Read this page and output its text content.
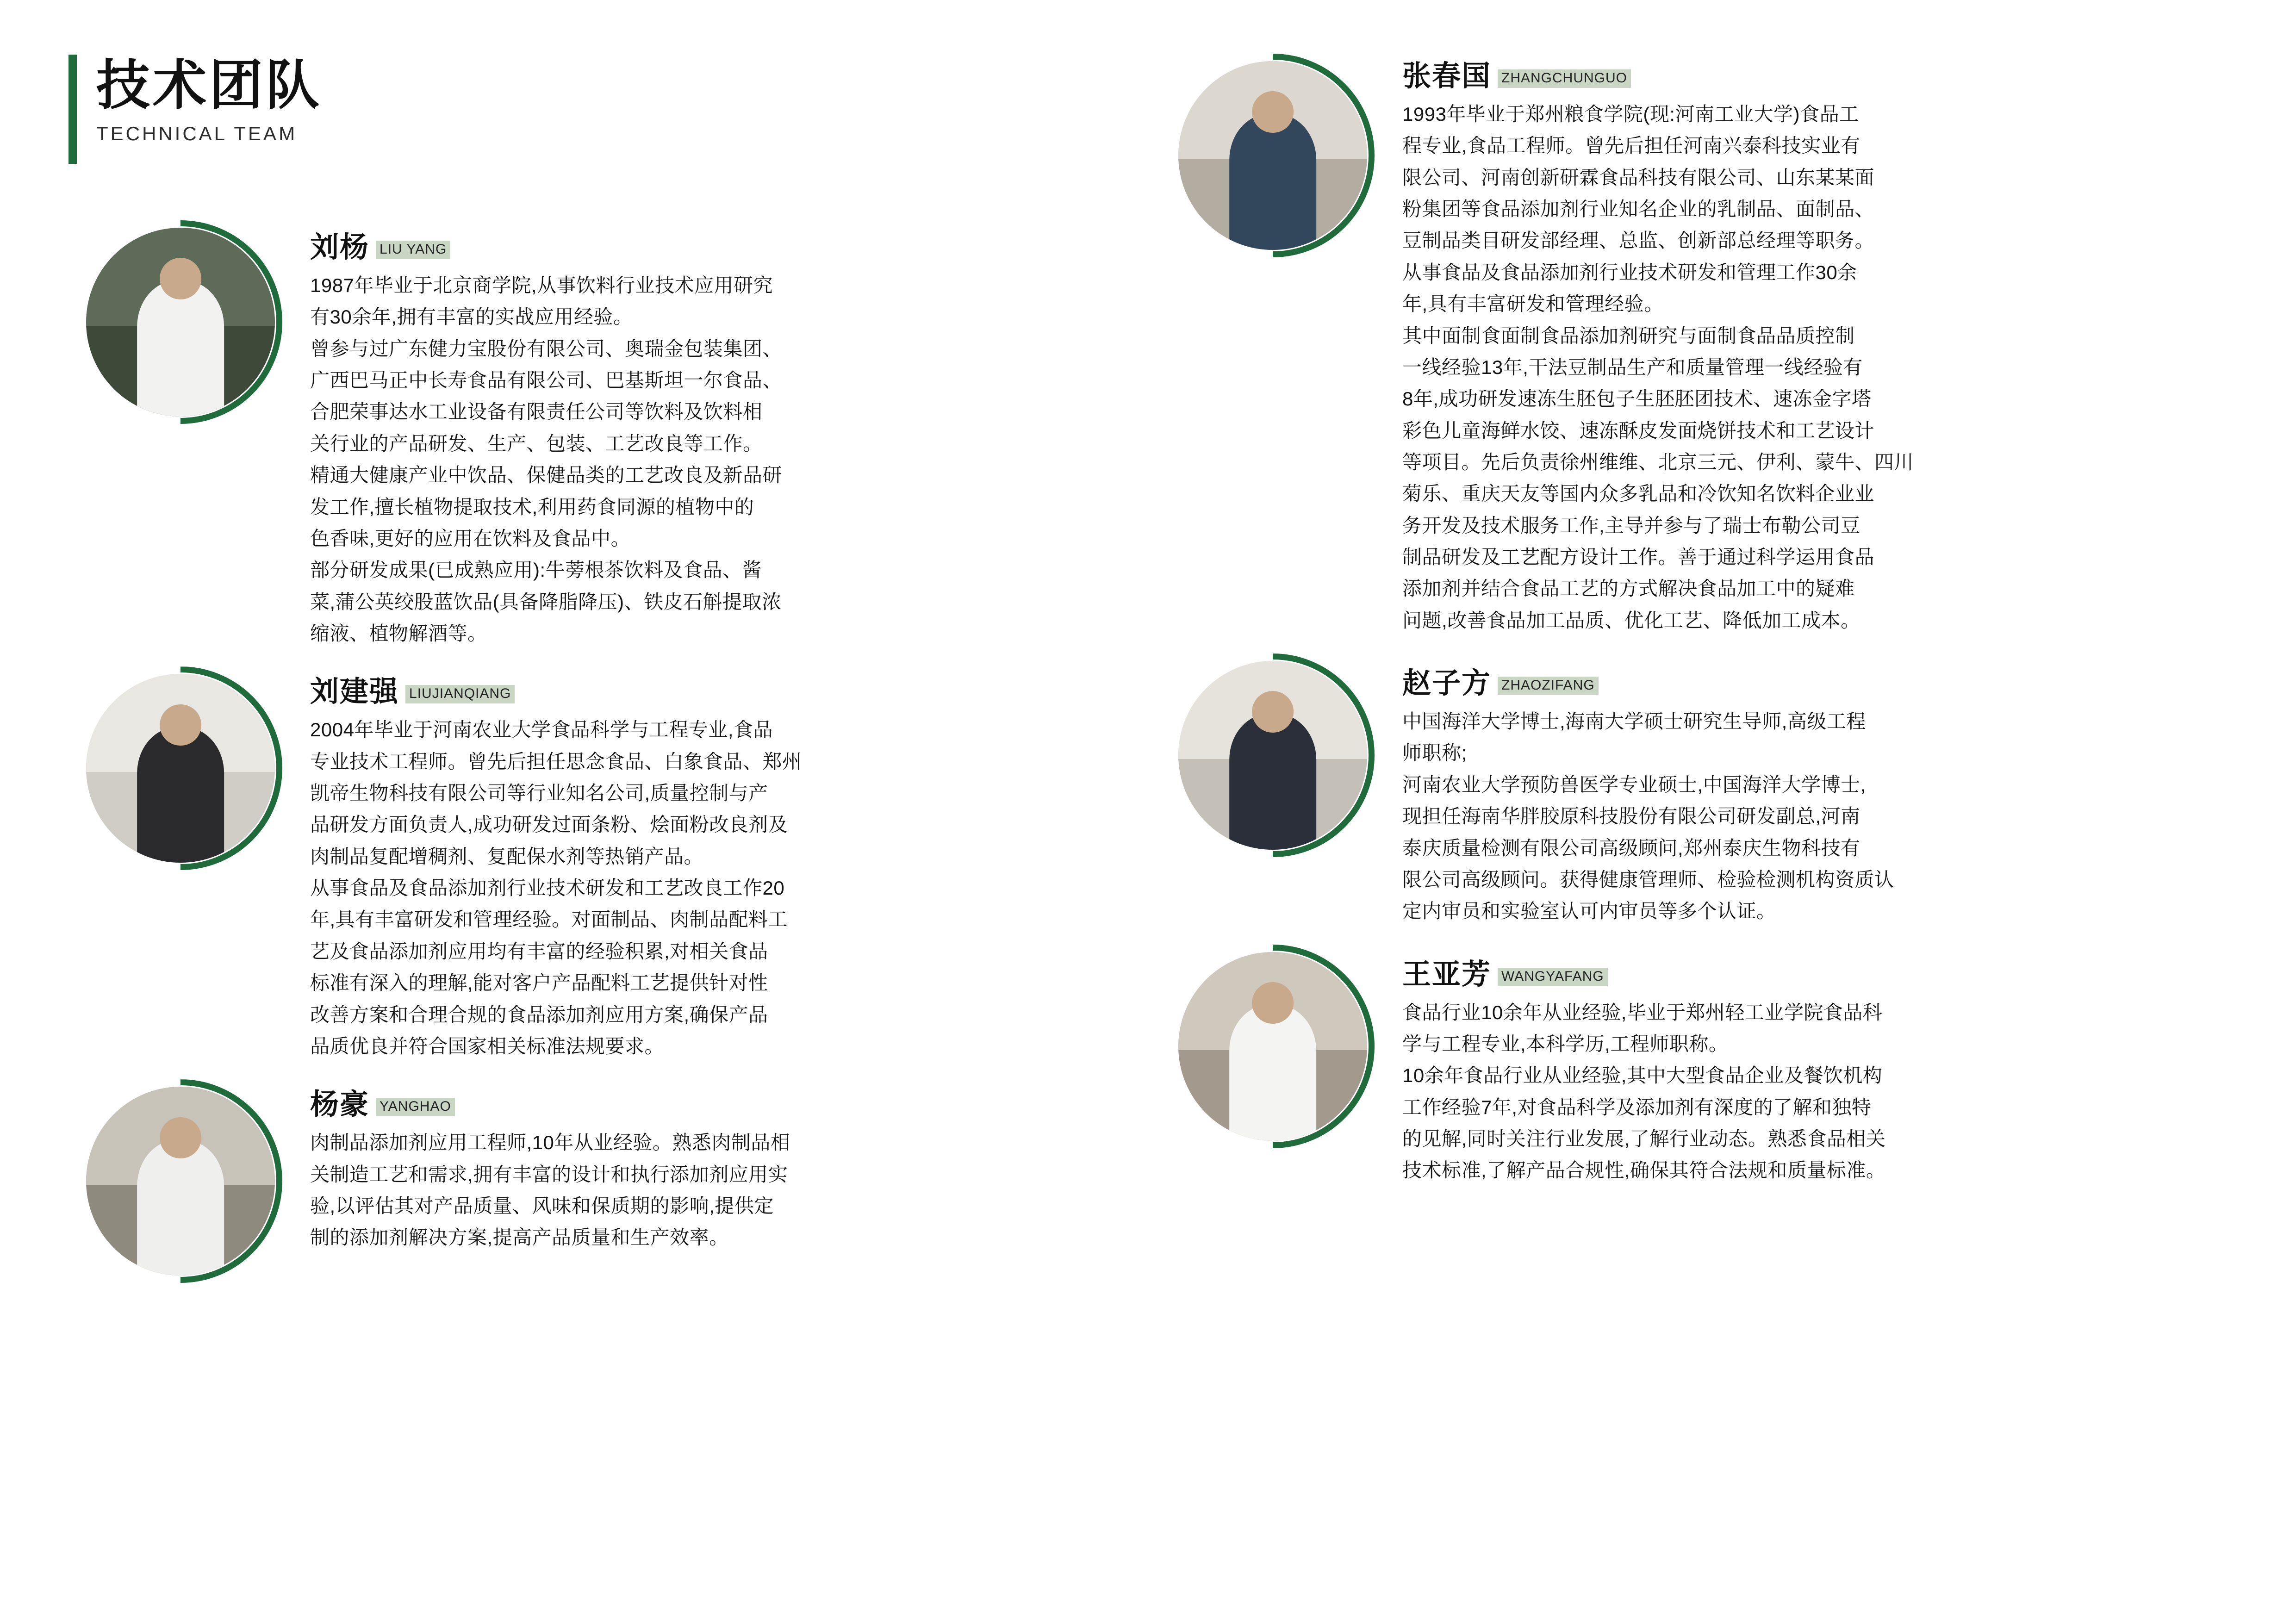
技术团队
TECHNICAL TEAM
刘杨 LIU YANG

1987年毕业于北京商学院,从事饮料行业技术应用研究

有30余年,拥有丰富的实战应用经验。

曾参与过广东健力宝股份有限公司、奥瑞金包装集团、

广西巴马正中长寿食品有限公司、巴基斯坦一尔食品、

合肥荣事达水工业设备有限责任公司等饮料及饮料相

关行业的产品研发、生产、包装、工艺改良等工作。

精通大健康产业中饮品、保健品类的工艺改良及新品研

发工作,擅长植物提取技术,利用药食同源的植物中的

色香味,更好的应用在饮料及食品中。

部分研发成果(已成熟应用):牛蒡根茶饮料及食品、酱

菜,蒲公英绞股蓝饮品(具备降脂降压)、铁皮石斛提取浓

缩液、植物解酒等。

刘建强 LIUJIANQIANG

2004年毕业于河南农业大学食品科学与工程专业,食品

专业技术工程师。曾先后担任思念食品、白象食品、郑州

凯帝生物科技有限公司等行业知名公司,质量控制与产

品研发方面负责人,成功研发过面条粉、烩面粉改良剂及

肉制品复配增稠剂、复配保水剂等热销产品。

从事食品及食品添加剂行业技术研发和工艺改良工作20

年,具有丰富研发和管理经验。对面制品、肉制品配料工

艺及食品添加剂应用均有丰富的经验积累,对相关食品

标准有深入的理解,能对客户产品配料工艺提供针对性

改善方案和合理合规的食品添加剂应用方案,确保产品

品质优良并符合国家相关标准法规要求。

杨豪 YANGHAO

肉制品添加剂应用工程师,10年从业经验。熟悉肉制品相

关制造工艺和需求,拥有丰富的设计和执行添加剂应用实

验,以评估其对产品质量、风味和保质期的影响,提供定

制的添加剂解决方案,提高产品质量和生产效率。

张春国 ZHANGCHUNGUO

1993年毕业于郑州粮食学院(现:河南工业大学)食品工

程专业,食品工程师。曾先后担任河南兴泰科技实业有

限公司、河南创新研霖食品科技有限公司、山东某某面

粉集团等食品添加剂行业知名企业的乳制品、面制品、

豆制品类目研发部经理、总监、创新部总经理等职务。

从事食品及食品添加剂行业技术研发和管理工作30余

年,具有丰富研发和管理经验。

其中面制食面制食品添加剂研究与面制食品品质控制

一线经验13年,干法豆制品生产和质量管理一线经验有

8年,成功研发速冻生胚包子生胚胚团技术、速冻金字塔

彩色儿童海鲜水饺、速冻酥皮发面烧饼技术和工艺设计

等项目。先后负责徐州维维、北京三元、伊利、蒙牛、四川

菊乐、重庆天友等国内众多乳品和冷饮知名饮料企业业

务开发及技术服务工作,主导并参与了瑞士布勒公司豆

制品研发及工艺配方设计工作。善于通过科学运用食品

添加剂并结合食品工艺的方式解决食品加工中的疑难

问题,改善食品加工品质、优化工艺、降低加工成本。

赵子方 ZHAOZIFANG

中国海洋大学博士,海南大学硕士研究生导师,高级工程

师职称;

河南农业大学预防兽医学专业硕士,中国海洋大学博士,

现担任海南华胖胶原科技股份有限公司研发副总,河南

泰庆质量检测有限公司高级顾问,郑州泰庆生物科技有

限公司高级顾问。获得健康管理师、检验检测机构资质认

定内审员和实验室认可内审员等多个认证。

王亚芳 WANGYAFANG

食品行业10余年从业经验,毕业于郑州轻工业学院食品科

学与工程专业,本科学历,工程师职称。

10余年食品行业从业经验,其中大型食品企业及餐饮机构

工作经验7年,对食品科学及添加剂有深度的了解和独特

的见解,同时关注行业发展,了解行业动态。熟悉食品相关

技术标准,了解产品合规性,确保其符合法规和质量标准。
